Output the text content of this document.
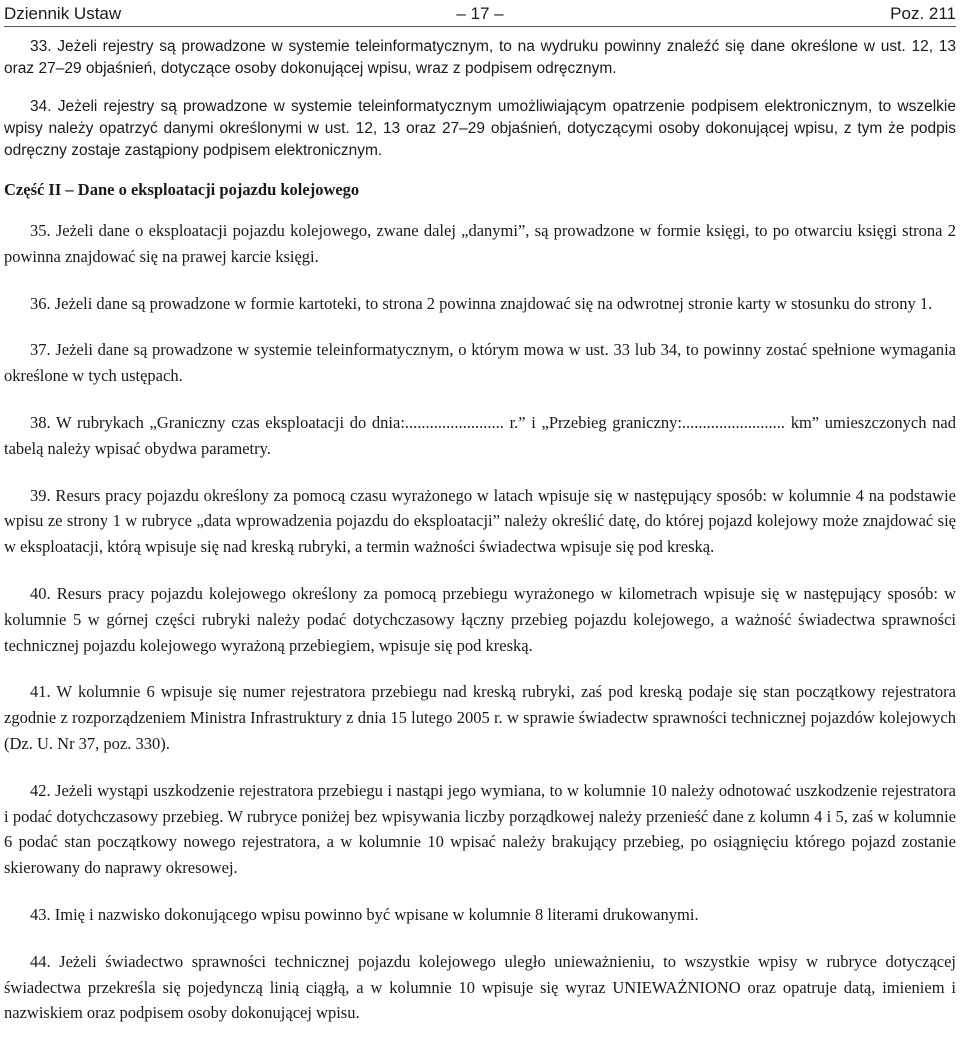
Dziennik Ustaw	– 17 –	Poz. 211

33. Jeżeli rejestry są prowadzone w systemie teleinformatycznym, to na wydruku powinny znaleźć się dane określone w ust. 12, 13 oraz 27–29 objaśnień, dotyczące osoby dokonującej wpisu, wraz z podpisem odręcznym.

34. Jeżeli rejestry są prowadzone w systemie teleinformatycznym umożliwiającym opatrzenie podpisem elektronicznym, to wszelkie wpisy należy opatrzyć danymi określonymi w ust. 12, 13 oraz 27–29 objaśnień, dotyczącymi osoby dokonującej wpisu, z tym że podpis odręczny zostaje zastąpiony podpisem elektronicznym.

Część II – Dane o eksploatacji pojazdu kolejowego

35. Jeżeli dane o eksploatacji pojazdu kolejowego, zwane dalej „danymi”, są prowadzone w formie księgi, to po otwarciu księgi strona 2 powinna znajdować się na prawej karcie księgi.

36. Jeżeli dane są prowadzone w formie kartoteki, to strona 2 powinna znajdować się na odwrotnej stronie karty w stosunku do strony 1.

37. Jeżeli dane są prowadzone w systemie teleinformatycznym, o którym mowa w ust. 33 lub 34, to powinny zostać spełnione wymagania określone w tych ustępach.

38. W rubrykach „Graniczny czas eksploatacji do dnia:........................ r.” i „Przebieg graniczny:......................... km” umieszczonych nad tabelą należy wpisać obydwa parametry.

39. Resurs pracy pojazdu określony za pomocą czasu wyrażonego w latach wpisuje się w następujący sposób: w kolumnie 4 na podstawie wpisu ze strony 1 w rubryce „data wprowadzenia pojazdu do eksploatacji” należy określić datę, do której pojazd kolejowy może znajdować się w eksploatacji, którą wpisuje się nad kreską rubryki, a termin ważności świadectwa wpisuje się pod kreską.

40. Resurs pracy pojazdu kolejowego określony za pomocą przebiegu wyrażonego w kilometrach wpisuje się w następujący sposób: w kolumnie 5 w górnej części rubryki należy podać dotychczasowy łączny przebieg pojazdu kolejowego, a ważność świadectwa sprawności technicznej pojazdu kolejowego wyrażoną przebiegiem, wpisuje się pod kreską.

41. W kolumnie 6 wpisuje się numer rejestratora przebiegu nad kreską rubryki, zaś pod kreską podaje się stan początkowy rejestratora zgodnie z rozporządzeniem Ministra Infrastruktury z dnia 15 lutego 2005 r. w sprawie świadectw sprawności technicznej pojazdów kolejowych (Dz. U. Nr 37, poz. 330).

42. Jeżeli wystąpi uszkodzenie rejestratora przebiegu i nastąpi jego wymiana, to w kolumnie 10 należy odnotować uszkodzenie rejestratora i podać dotychczasowy przebieg. W rubryce poniżej bez wpisywania liczby porządkowej należy przenieść dane z kolumn 4 i 5, zaś w kolumnie 6 podać stan początkowy nowego rejestratora, a w kolumnie 10 wpisać należy brakujący przebieg, po osiągnięciu którego pojazd zostanie skierowany do naprawy okresowej.

43. Imię i nazwisko dokonującego wpisu powinno być wpisane w kolumnie 8 literami drukowanymi.

44. Jeżeli świadectwo sprawności technicznej pojazdu kolejowego uległo unieważnieniu, to wszystkie wpisy w rubryce dotyczącej świadectwa przekreśla się pojedynczą linią ciągłą, a w kolumnie 10 wpisuje się wyraz UNIEWAŻNIONO oraz opatruje datą, imieniem i nazwiskiem oraz podpisem osoby dokonującej wpisu.
